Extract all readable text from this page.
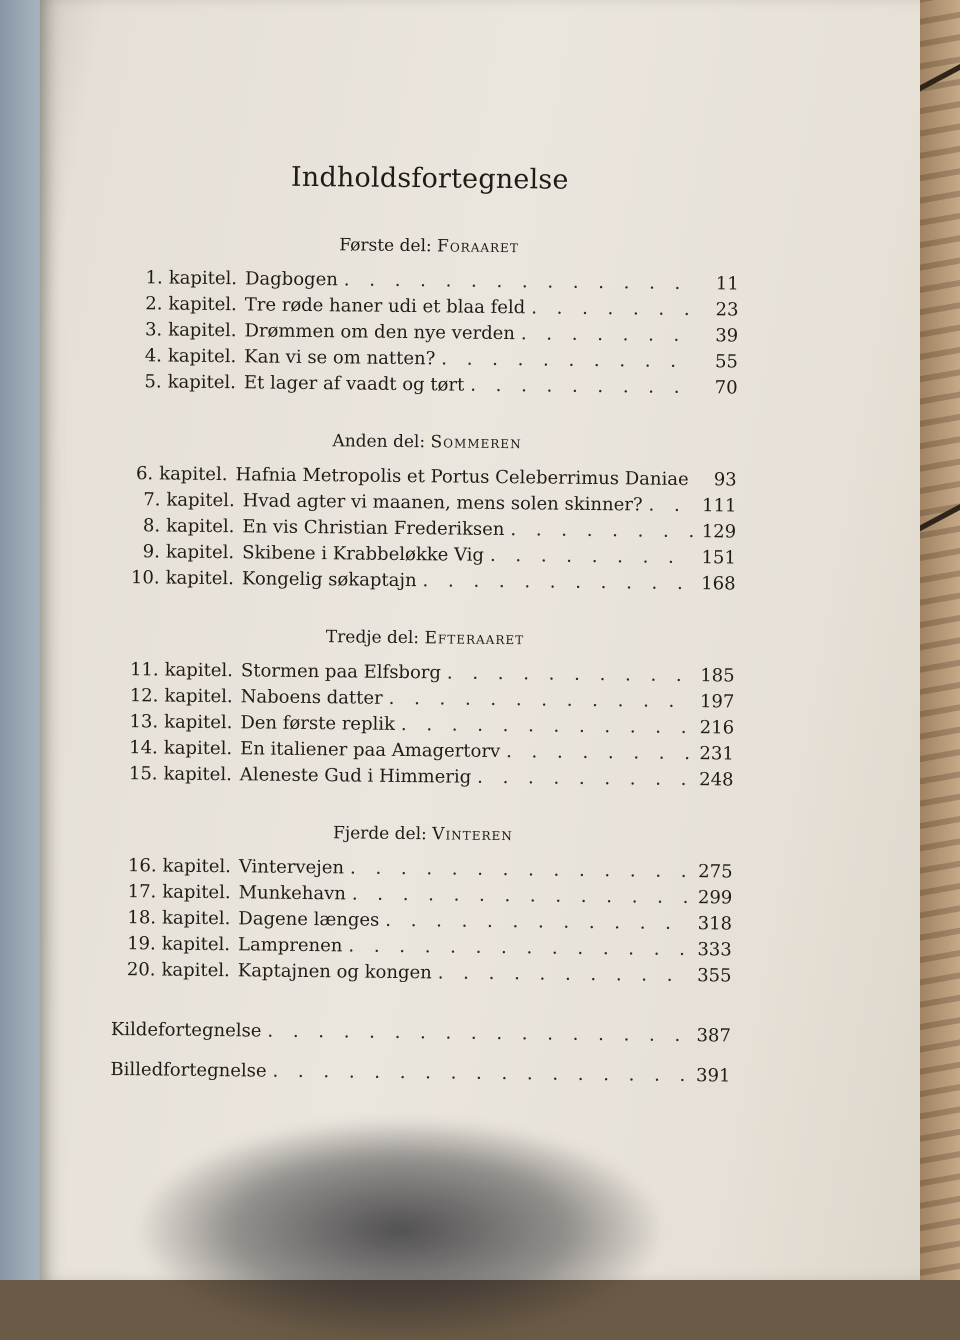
Indholdsfortegnelse
Første del: Foraaret
1. kapitel. Dagbogen . . .	11
2. kapitel. Tre røde haner udi et blaa feld . . .	23
3. kapitel. Drømmen om den nye verden . . .	39
4. kapitel. Kan vi se om natten? . . .	55
5. kapitel. Et lager af vaadt og tørt . . .	70
Anden del: Sommeren
6. kapitel. Hafnia Metropolis et Portus Celeberrimus Daniae . . .	93
7. kapitel. Hvad agter vi maanen, mens solen skinner? . . .	111
8. kapitel. En vis Christian Frederiksen . . .	129
9. kapitel. Skibene i Krabbeløkke Vig . . .	151
10. kapitel. Kongelig søkaptajn . . .	168
Tredje del: Efteraaret
11. kapitel. Stormen paa Elfsborg . . .	185
12. kapitel. Naboens datter . . .	197
13. kapitel. Den første replik . . .	216
14. kapitel. En italiener paa Amagertorv . . .	231
15. kapitel. Aleneste Gud i Himmerig . . .	248
Fjerde del: Vinteren
16. kapitel. Vintervejen . . .	275
17. kapitel. Munkehavn . . .	299
18. kapitel. Dagene længes . . .	318
19. kapitel. Lamprenen . . .	333
20. kapitel. Kaptajnen og kongen . . .	355
Kildefortegnelse . . .	387
Billedfortegnelse . . .	391
